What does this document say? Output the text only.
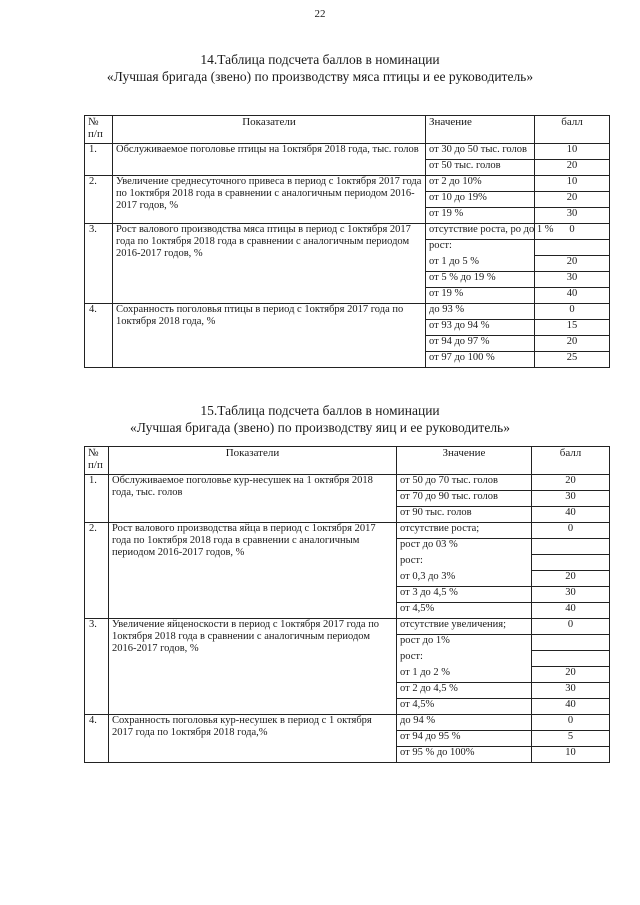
22
14.Таблица подсчета баллов в номинации
«Лучшая бригада (звено) по производству мяса птицы и ее руководитель»
№ п/п	Показатели	Значение	балл
1.	Обслуживаемое поголовье птицы на 1октября 2018 года, тыс. голов	от 30 до 50 тыс. голов	10
		от 50 тыс. голов	20
2.	Увеличение среднесуточного привеса в период с 1октября 2017 года по 1октября 2018 года в сравнении с аналогичным периодом 2016-2017 годов, %	от 2 до 10%	10
		от 10 до 19%	20
		от 19 %	30
3.	Рост валового производства мяса птицы в период с 1октября 2017 года по 1октября 2018 года в сравнении с аналогичным периодом 2016-2017 годов, %	отсутствие роста, ро до 1 %	0
		рост:	
		от 1 до 5 %	20
		от 5 % до 19 %	30
		от 19 %	40
4.	Сохранность поголовья птицы в период с 1октября 2017 года по 1октября 2018 года, %	до 93 %	0
		от 93 до 94 %	15
		от 94 до 97 %	20
		от 97 до 100 %	25
15.Таблица подсчета баллов в номинации
«Лучшая бригада (звено) по производству яиц и ее руководитель»
№ п/п	Показатели	Значение	балл
1.	Обслуживаемое поголовье кур-несушек на 1 октября 2018 года, тыс. голов	от 50 до 70 тыс. голов	20
		от 70 до 90 тыс. голов	30
		от 90 тыс. голов	40
2.	Рост валового производства яйца в период с 1октября 2017 года по 1октября 2018 года в сравнении с аналогичным периодом 2016-2017 годов, %	отсутствие роста;	0
		рост до 03 %	
		рост:	
		от 0,3 до 3%	20
		от 3 до 4,5 %	30
		от 4,5%	40
3.	Увеличение яйценоскости в период с 1октября 2017 года по 1октября 2018 года в сравнении с аналогичным периодом 2016-2017 годов, %	отсутствие увеличения;	0
		рост до 1%	
		рост:	
		от 1 до 2 %	20
		от 2 до 4,5 %	30
		от 4,5%	40
4.	Сохранность поголовья кур-несушек в период с 1 октября 2017 года по 1октября 2018 года,%	до 94 %	0
		от 94 до 95 %	5
		от 95 % до 100%	10
